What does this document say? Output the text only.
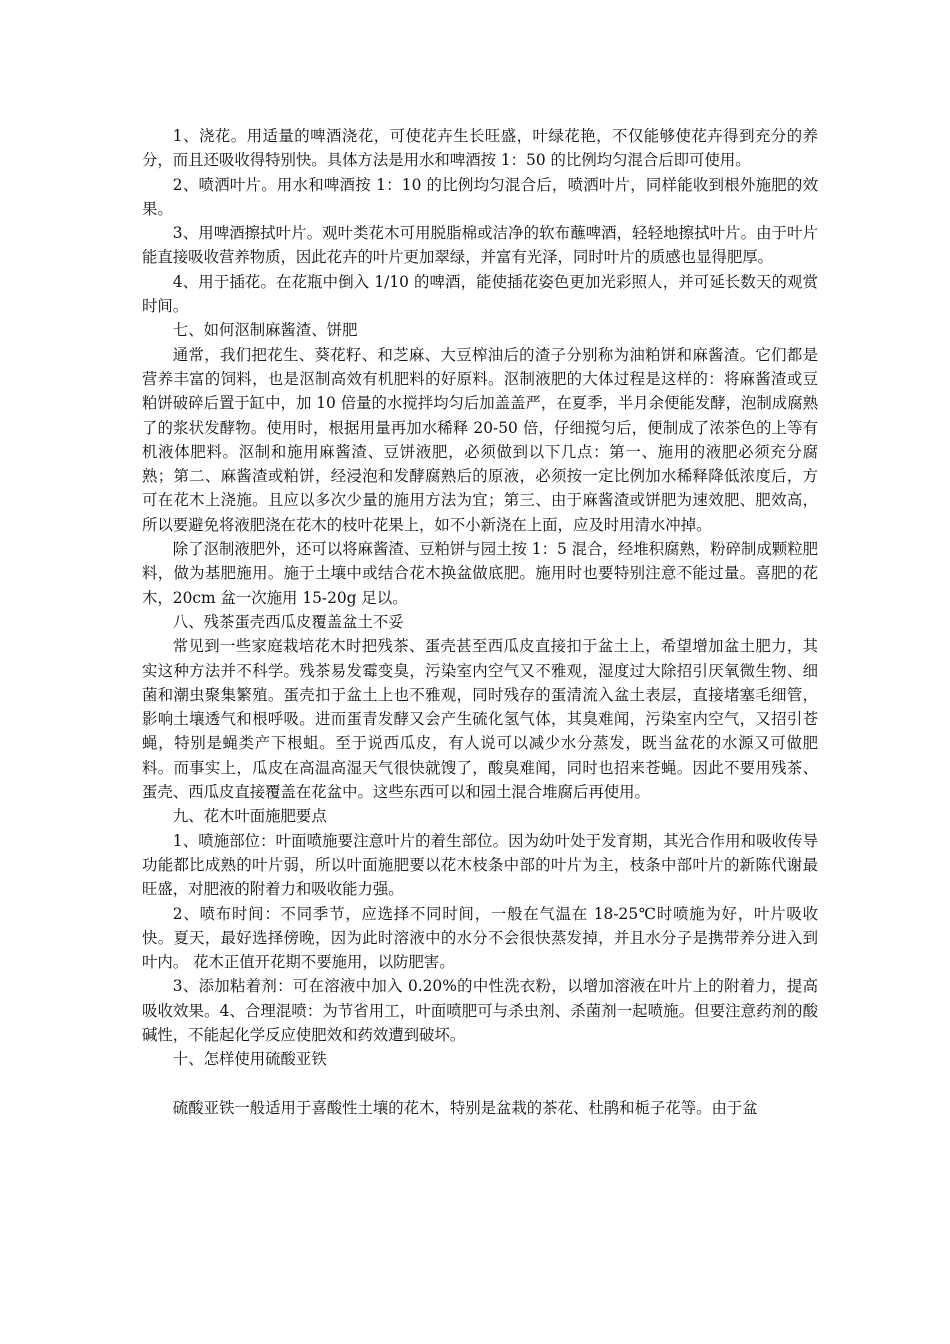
1、浇花。用适量的啤酒浇花，可使花卉生长旺盛，叶绿花艳，不仅能够使花卉得到充分的养分，而且还吸收得特别快。具体方法是用水和啤酒按 1：50 的比例均匀混合后即可使用。

2、喷洒叶片。用水和啤酒按 1：10 的比例均匀混合后，喷洒叶片，同样能收到根外施肥的效果。

3、用啤酒擦拭叶片。观叶类花木可用脱脂棉或洁净的软布蘸啤酒，轻轻地擦拭叶片。由于叶片能直接吸收营养物质，因此花卉的叶片更加翠绿，并富有光泽，同时叶片的质感也显得肥厚。

4、用于插花。在花瓶中倒入 1/10 的啤酒，能使插花姿色更加光彩照人，并可延长数天的观赏时间。

七、如何沤制麻酱渣、饼肥

通常，我们把花生、葵花籽、和芝麻、大豆榨油后的渣子分别称为油粕饼和麻酱渣。它们都是营养丰富的饲料，也是沤制高效有机肥料的好原料。沤制液肥的大体过程是这样的：将麻酱渣或豆粕饼破碎后置于缸中，加 10 倍量的水搅拌均匀后加盖盖严，在夏季，半月余便能发酵，泡制成腐熟了的浆状发酵物。使用时，根据用量再加水稀释 20-50 倍，仔细搅匀后，便制成了浓茶色的上等有机液体肥料。沤制和施用麻酱渣、豆饼液肥，必须做到以下几点：第一、施用的液肥必须充分腐熟；第二、麻酱渣或粕饼，经浸泡和发酵腐熟后的原液，必须按一定比例加水稀释降低浓度后，方可在花木上浇施。且应以多次少量的施用方法为宜；第三、由于麻酱渣或饼肥为速效肥、肥效高，所以要避免将液肥浇在花木的枝叶花果上，如不小新浇在上面，应及时用清水冲掉。

除了沤制液肥外，还可以将麻酱渣、豆粕饼与园土按 1：5 混合，经堆积腐熟，粉碎制成颗粒肥料，做为基肥施用。施于土壤中或结合花木换盆做底肥。施用时也要特别注意不能过量。喜肥的花木，20cm 盆一次施用 15-20g 足以。

八、残茶蛋壳西瓜皮覆盖盆土不妥

常见到一些家庭栽培花木时把残茶、蛋壳甚至西瓜皮直接扣于盆土上，希望增加盆土肥力，其实这种方法并不科学。残茶易发霉变臭，污染室内空气又不雅观，湿度过大除招引厌氧微生物、细菌和潮虫聚集繁殖。蛋壳扣于盆土上也不雅观，同时残存的蛋清流入盆土表层，直接堵塞毛细管，影响土壤透气和根呼吸。进而蛋青发酵又会产生硫化氢气体，其臭难闻，污染室内空气，又招引苍蝇，特别是蝇类产下根蛆。至于说西瓜皮，有人说可以减少水分蒸发，既当盆花的水源又可做肥料。而事实上，瓜皮在高温高湿天气很快就馊了，酸臭难闻，同时也招来苍蝇。因此不要用残茶、蛋壳、西瓜皮直接覆盖在花盆中。这些东西可以和园土混合堆腐后再使用。

九、花木叶面施肥要点

1、喷施部位：叶面喷施要注意叶片的着生部位。因为幼叶处于发育期，其光合作用和吸收传导功能都比成熟的叶片弱，所以叶面施肥要以花木枝条中部的叶片为主，枝条中部叶片的新陈代谢最旺盛，对肥液的附着力和吸收能力强。

2、喷布时间：不同季节，应选择不同时间，一般在气温在 18-25℃时喷施为好，叶片吸收快。夏天，最好选择傍晚，因为此时溶液中的水分不会很快蒸发掉，并且水分子是携带养分进入到叶内。 花木正值开花期不要施用，以防肥害。

3、添加粘着剂：可在溶液中加入 0.20%的中性洗衣粉，以增加溶液在叶片上的附着力，提高吸收效果。4、合理混喷：为节省用工，叶面喷肥可与杀虫剂、杀菌剂一起喷施。但要注意药剂的酸碱性，不能起化学反应使肥效和药效遭到破坏。

十、怎样使用硫酸亚铁

硫酸亚铁一般适用于喜酸性土壤的花木，特别是盆栽的茶花、杜鹃和栀子花等。由于盆
